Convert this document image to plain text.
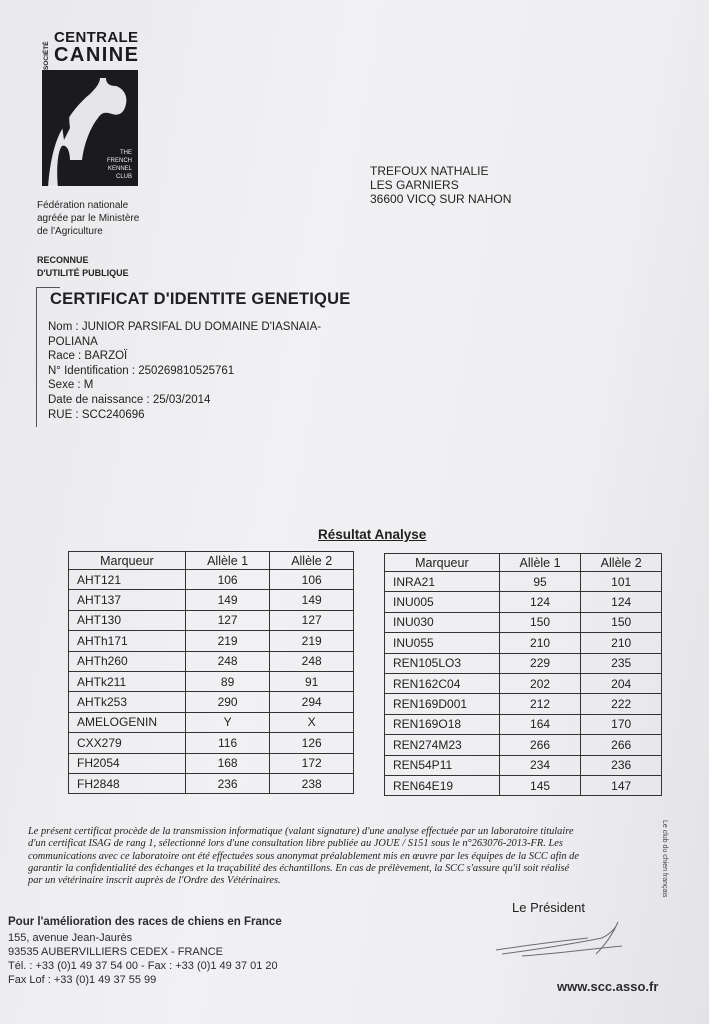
SOCIÉTÉ
CENTRALE
CANINE
THE
FRENCH
KENNEL
CLUB
Fédération nationale
agréée par le Ministère
de l'Agriculture
RECONNUE
D'UTILITÉ PUBLIQUE
TREFOUX NATHALIE
LES GARNIERS
36600 VICQ SUR NAHON
CERTIFICAT D'IDENTITE GENETIQUE
Nom : JUNIOR PARSIFAL DU DOMAINE D'IASNAIA-
POLIANA
Race : BARZOÏ
N° Identification : 250269810525761
Sexe : M
Date de naissance : 25/03/2014
RUE : SCC240696
Résultat Analyse
Marqueur	Allèle 1	Allèle 2
AHT121	106	106
AHT137	149	149
AHT130	127	127
AHTh171	219	219
AHTh260	248	248
AHTk211	89	91
AHTk253	290	294
AMELOGENIN	Y	X
CXX279	116	126
FH2054	168	172
FH2848	236	238
Marqueur	Allèle 1	Allèle 2
INRA21	95	101
INU005	124	124
INU030	150	150
INU055	210	210
REN105LO3	229	235
REN162C04	202	204
REN169D001	212	222
REN169O18	164	170
REN274M23	266	266
REN54P11	234	236
REN64E19	145	147
Le présent certificat procède de la transmission informatique (valant signature) d'une analyse effectuée par un laboratoire titulaire
d'un certificat ISAG de rang 1, sélectionné lors d'une consultation libre publiée au JOUE / S151 sous le n°263076-2013-FR. Les
communications avec ce laboratoire ont été effectuées sous anonymat préalablement mis en œuvre par les équipes de la SCC afin de
garantir la confidentialité des échanges et la traçabilité des échantillons. En cas de prélèvement, la SCC s'assure qu'il soit réalisé
par un vétérinaire inscrit auprès de l'Ordre des Vétérinaires.	Le club du chien français
Le Président
Pour l'amélioration des races de chiens en France
155, avenue Jean-Jaurès
93535 AUBERVILLIERS CEDEX - FRANCE
Tél. : +33 (0)1 49 37 54 00 - Fax : +33 (0)1 49 37 01 20
Fax Lof : +33 (0)1 49 37 55 99	www.scc.asso.fr
